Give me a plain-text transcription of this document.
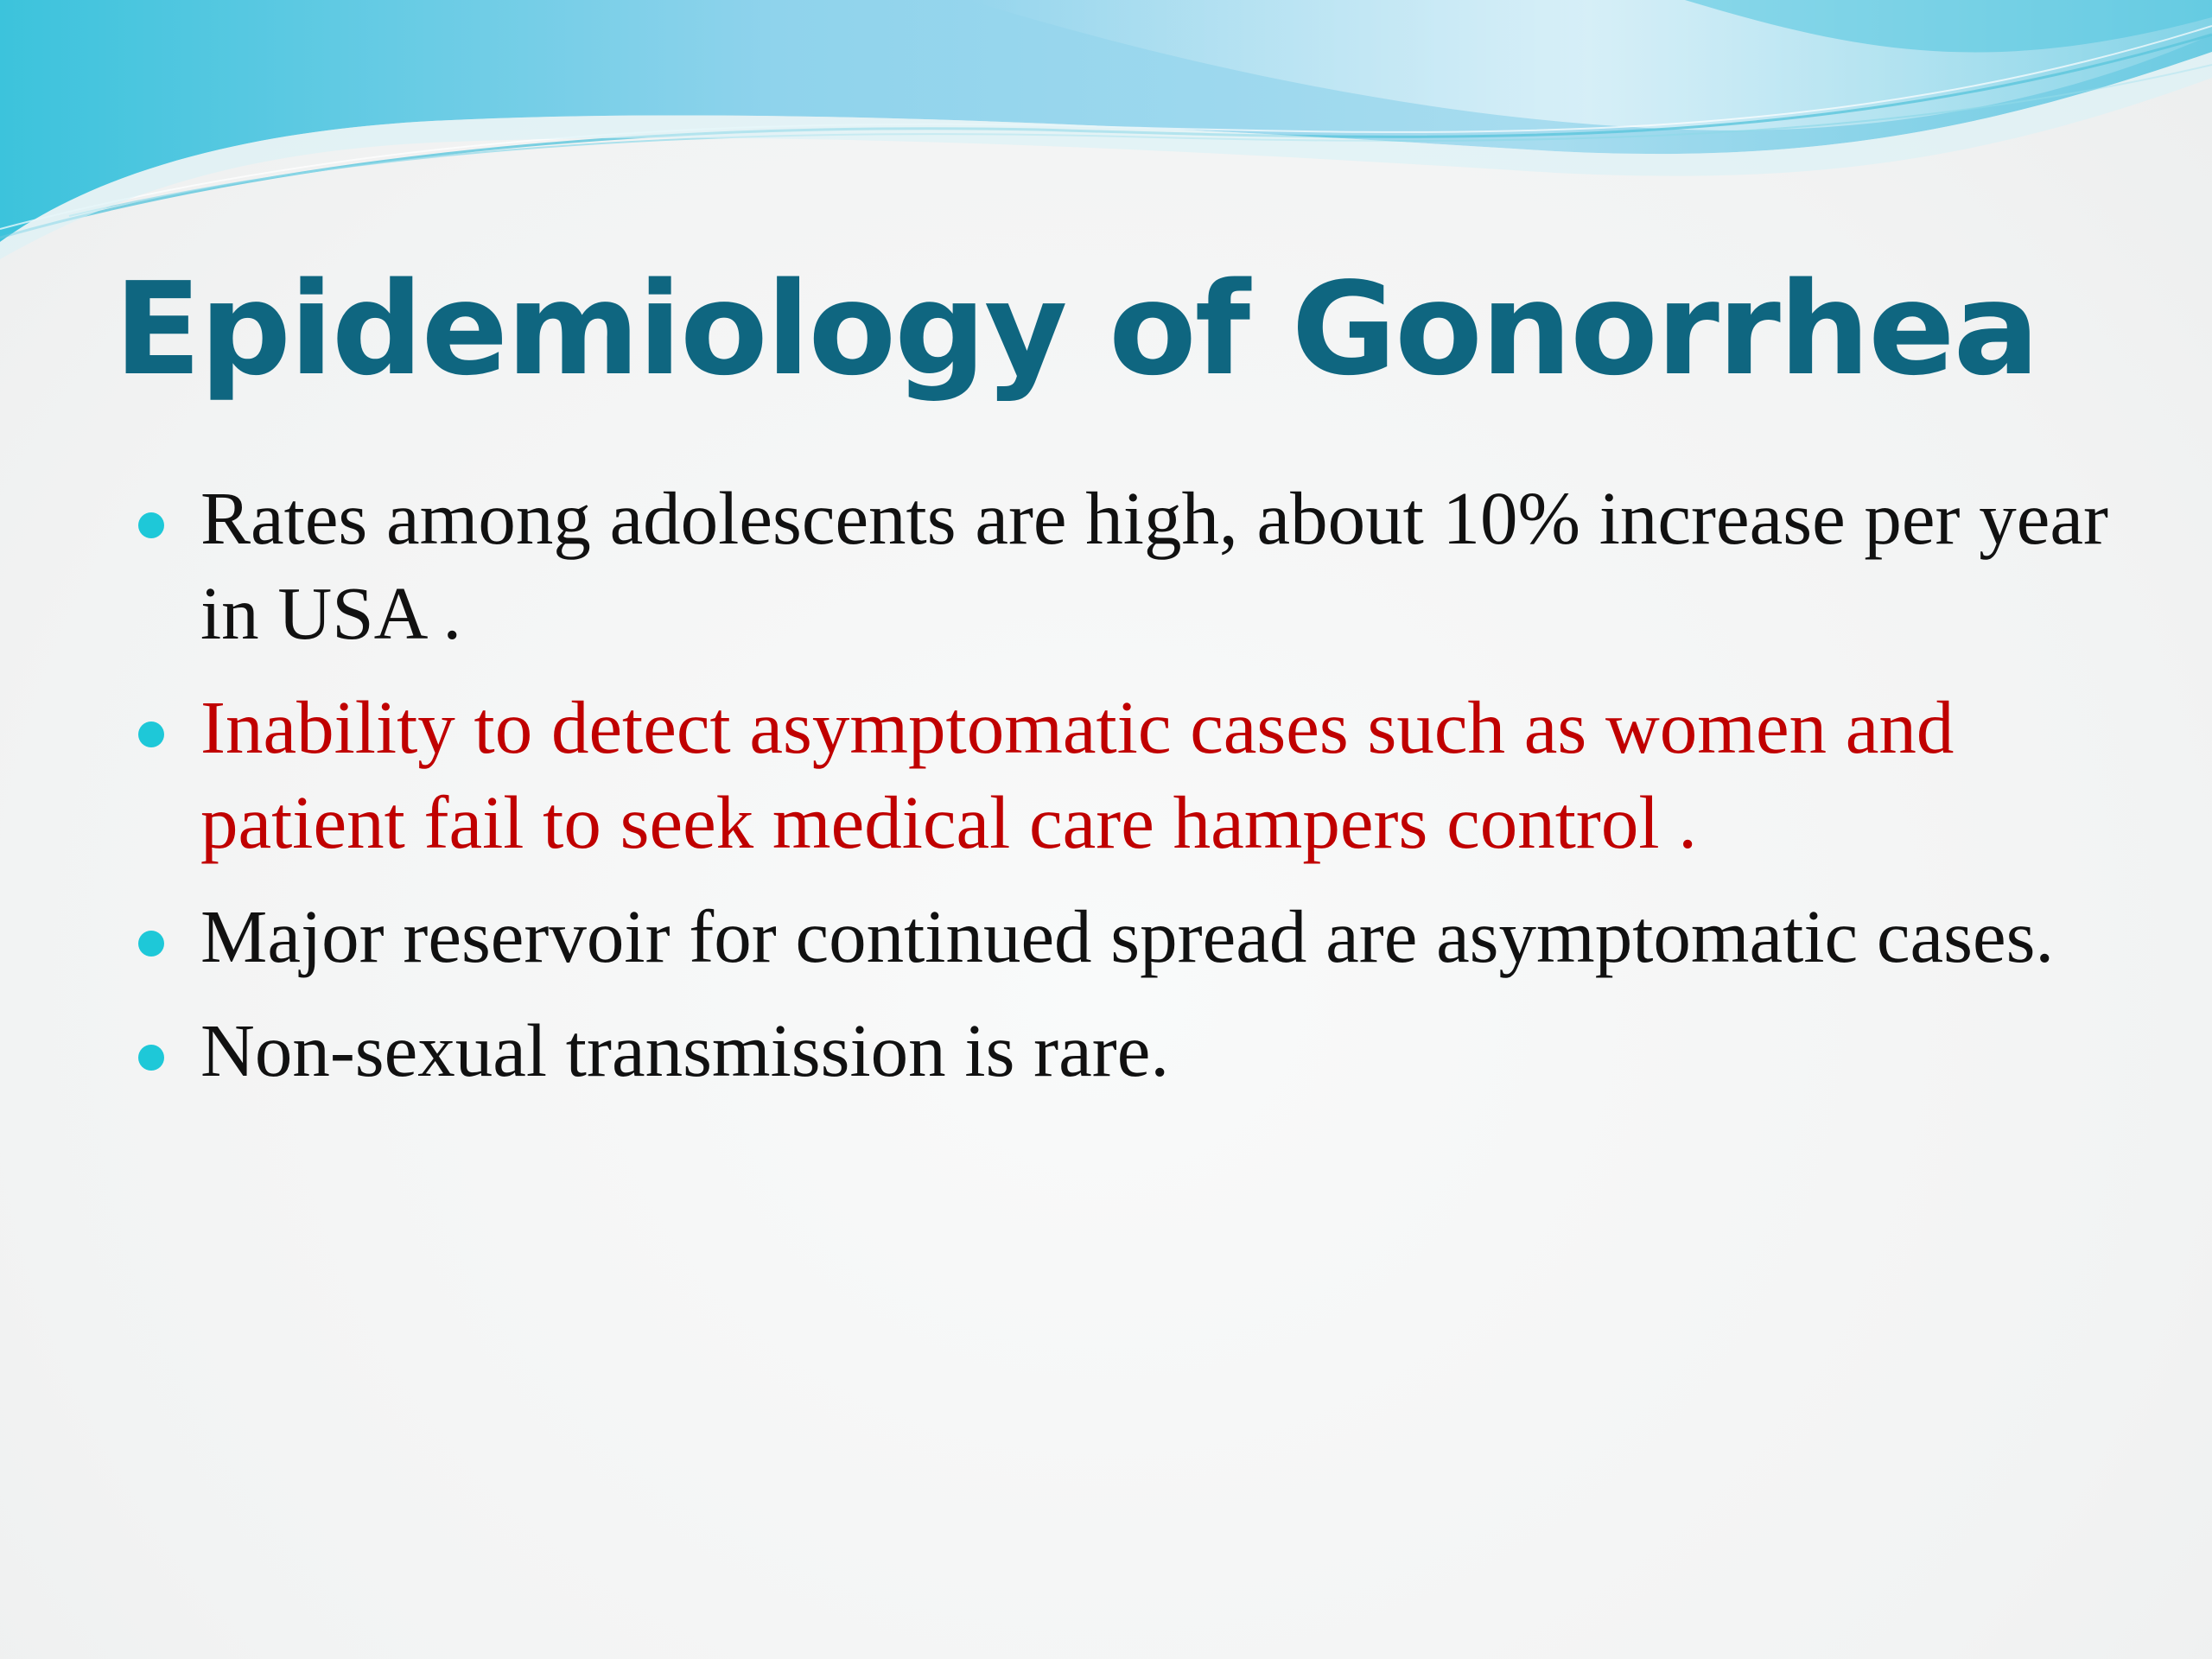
Epidemiology of Gonorrhea
Rates among adolescents are high, about 10% increase per year in USA .
Inability to detect asymptomatic cases such as women and patient fail to seek medical care hampers control .
Major reservoir for continued spread are asymptomatic cases.
Non-sexual transmission is rare.
